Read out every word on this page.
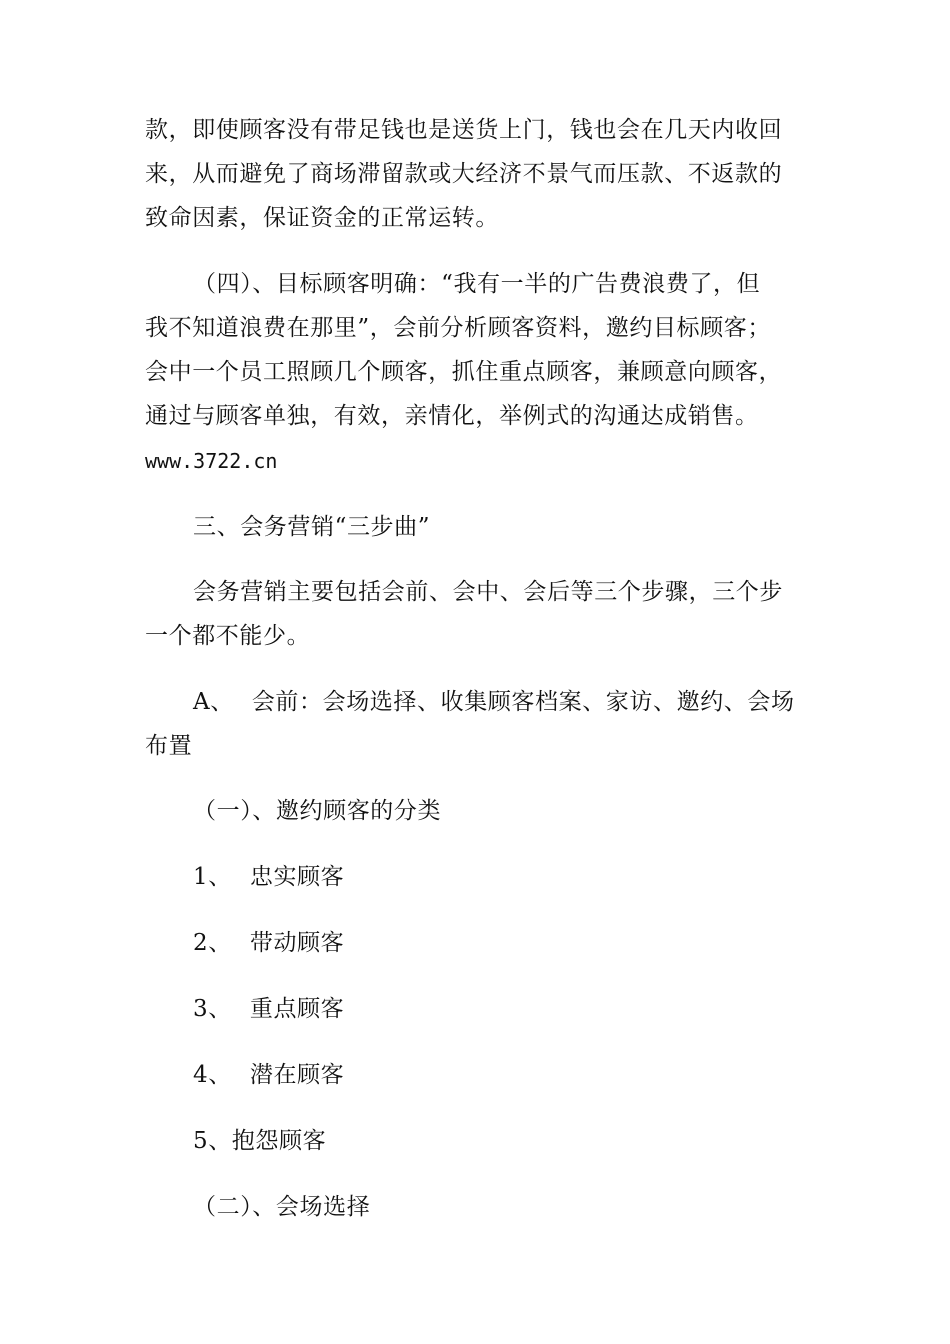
款，即使顾客没有带足钱也是送货上门，钱也会在几天内收回
来，从而避免了商场滞留款或大经济不景气而压款、不返款的
致命因素，保证资金的正常运转。
（四）、目标顾客明确：“我有一半的广告费浪费了，但
我不知道浪费在那里”，会前分析顾客资料，邀约目标顾客；
会中一个员工照顾几个顾客，抓住重点顾客，兼顾意向顾客，
通过与顾客单独，有效，亲情化，举例式的沟通达成销售。
www.3722.cn
三、会务营销“三步曲”
会务营销主要包括会前、会中、会后等三个步骤，三个步
一个都不能少。
A、 会前：会场选择、收集顾客档案、家访、邀约、会场
布置
（一）、邀约顾客的分类
1、 忠实顾客
2、 带动顾客
3、 重点顾客
4、 潜在顾客
5、抱怨顾客
（二）、会场选择
